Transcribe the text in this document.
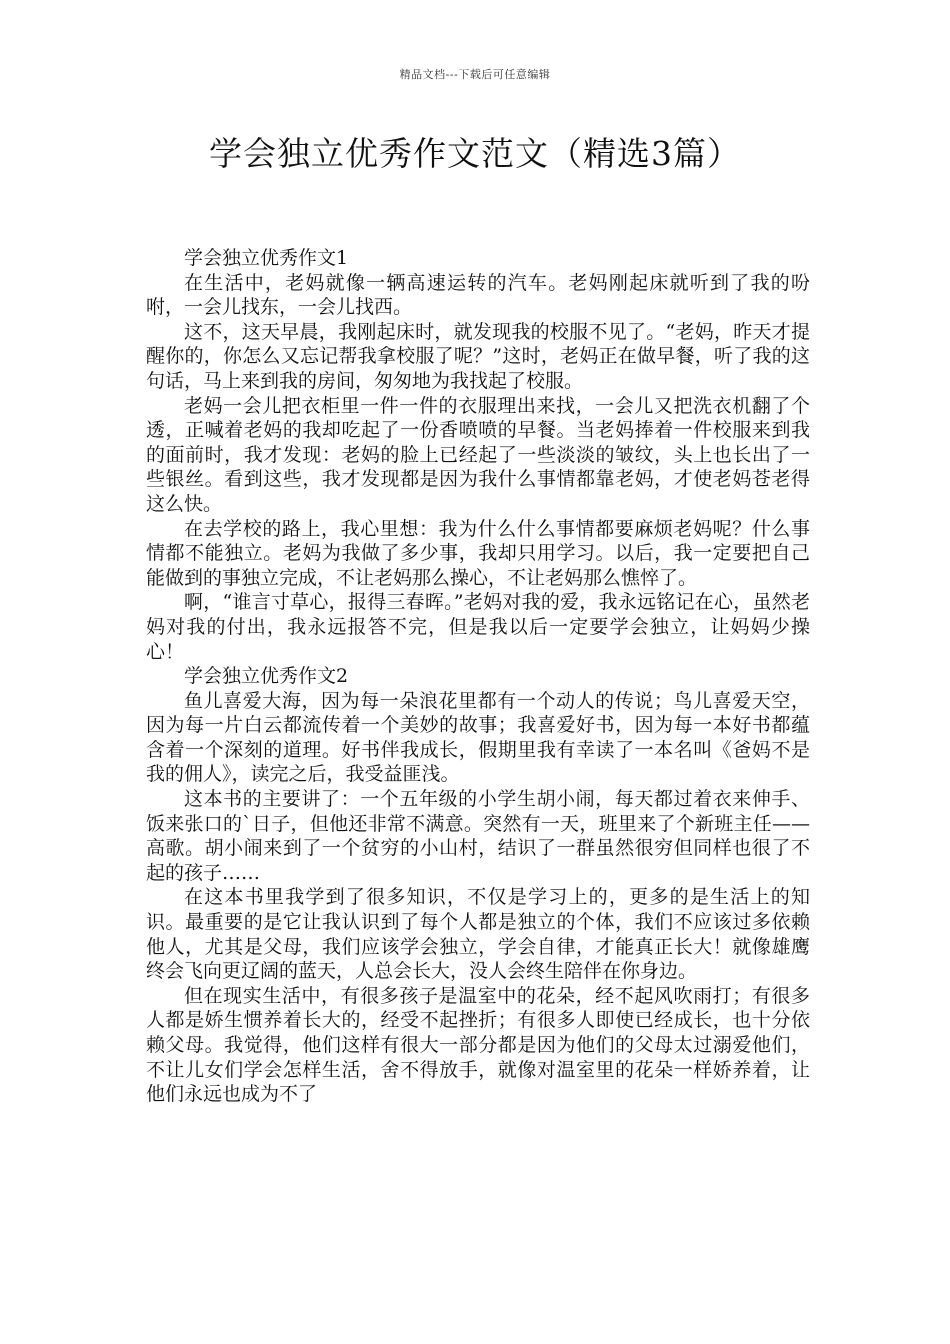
精品文档---下载后可任意编辑
学会独立优秀作文范文（精选3篇）

学会独立优秀作文1

在生活中，老妈就像一辆高速运转的汽车。老妈刚起床就听到了我的吩咐，一会儿找东，一会儿找西。

这不，这天早晨，我刚起床时，就发现我的校服不见了。“老妈，昨天才提醒你的，你怎么又忘记帮我拿校服了呢？”这时，老妈正在做早餐，听了我的这句话，马上来到我的房间，匆匆地为我找起了校服。

老妈一会儿把衣柜里一件一件的衣服理出来找，一会儿又把洗衣机翻了个透，正喊着老妈的我却吃起了一份香喷喷的早餐。当老妈捧着一件校服来到我的面前时，我才发现：老妈的脸上已经起了一些淡淡的皱纹，头上也长出了一些银丝。看到这些，我才发现都是因为我什么事情都靠老妈，才使老妈苍老得这么快。

在去学校的路上，我心里想：我为什么什么事情都要麻烦老妈呢？什么事情都不能独立。老妈为我做了多少事，我却只用学习。以后，我一定要把自己能做到的事独立完成，不让老妈那么操心，不让老妈那么憔悴了。

啊，“谁言寸草心，报得三春晖。”老妈对我的爱，我永远铭记在心，虽然老妈对我的付出，我永远报答不完，但是我以后一定要学会独立，让妈妈少操心！

学会独立优秀作文2

鱼儿喜爱大海，因为每一朵浪花里都有一个动人的传说；鸟儿喜爱天空，因为每一片白云都流传着一个美妙的故事；我喜爱好书，因为每一本好书都蕴含着一个深刻的道理。好书伴我成长，假期里我有幸读了一本名叫《爸妈不是我的佣人》，读完之后，我受益匪浅。

这本书的主要讲了：一个五年级的小学生胡小闹，每天都过着衣来伸手、饭来张口的`日子，但他还非常不满意。突然有一天，班里来了个新班主任——高歌。胡小闹来到了一个贫穷的小山村，结识了一群虽然很穷但同样也很了不起的孩子……

在这本书里我学到了很多知识，不仅是学习上的，更多的是生活上的知识。最重要的是它让我认识到了每个人都是独立的个体，我们不应该过多依赖他人，尤其是父母，我们应该学会独立，学会自律，才能真正长大！就像雄鹰终会飞向更辽阔的蓝天，人总会长大，没人会终生陪伴在你身边。

但在现实生活中，有很多孩子是温室中的花朵，经不起风吹雨打；有很多人都是娇生惯养着长大的，经受不起挫折；有很多人即使已经成长，也十分依赖父母。我觉得，他们这样有很大一部分都是因为他们的父母太过溺爱他们，不让儿女们学会怎样生活，舍不得放手，就像对温室里的花朵一样娇养着，让他们永远也成为不了
